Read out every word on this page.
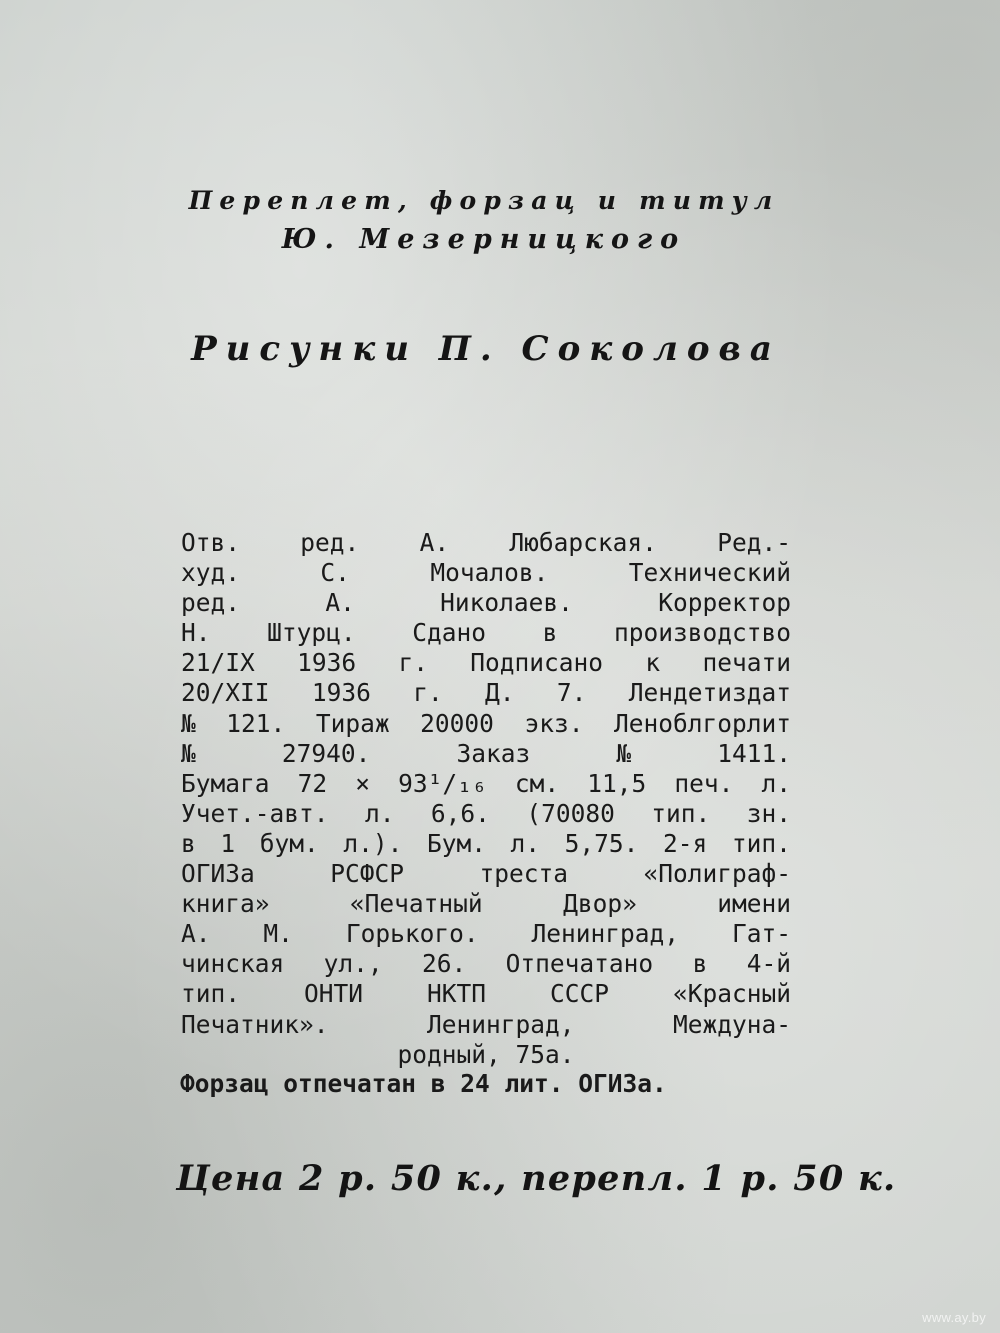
Переплет, форзац и титул
Ю. Мезерницкого
Рисунки П. Соколова
Отв. ред. А. Любарская. Ред.-
худ.	С.	Мочалов.	Технический
ред.	А.	Николаев.	Корректор
Н. Штурц. Сдано в производство
21/IX 1936 г. Подписано к печати
20/XII 1936 г. Д. 7. Лендетиздат
№ 121. Тираж 20000 экз. Леноблгорлит
№	27940.	Заказ	№	1411.
Бумага 72 × 93¹/₁₆ см. 11,5 печ. л.
Учет.-авт. л. 6,6. (70080 тип. зн.
в 1 бум. л.). Бум. л. 5,75. 2-я тип.
ОГИЗа	РСФСР	треста	«Полиграф-
книга»	«Печатный	Двор»	имени
А. М. Горького. Ленинград, Гат-
чинская ул., 26. Отпечатано в 4-й
тип.	ОНТИ	НКТП	СССР	«Красный
Печатник».	Ленинград,	Междуна-
родный, 75а.
Форзац отпечатан в 24 лит. ОГИЗа.
Цена 2 р. 50 к., перепл. 1 р. 50 к.
www.ay.by
